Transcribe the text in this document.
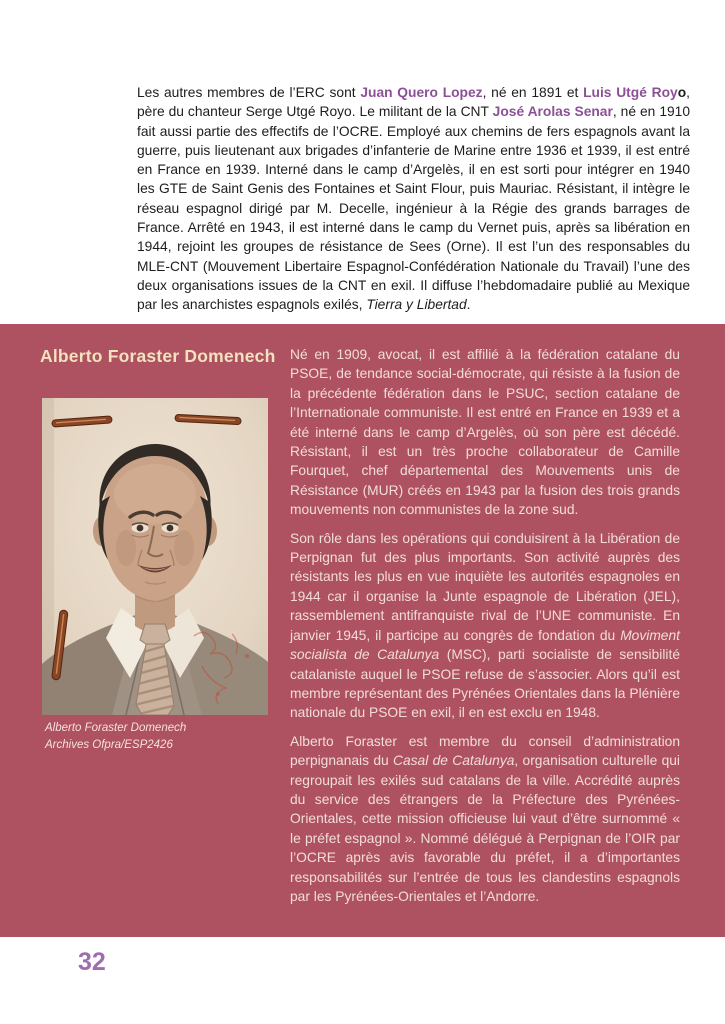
Les autres membres de l’ERC sont Juan Quero Lopez, né en 1891 et Luis Utgé Royo, père du chanteur Serge Utgé Royo. Le militant de la CNT José Arolas Senar, né en 1910 fait aussi partie des effectifs de l’OCRE. Employé aux chemins de fers espagnols avant la guerre, puis lieutenant aux brigades d’infanterie de Marine entre 1936 et 1939, il est entré en France en 1939. Interné dans le camp d’Argelès, il en est sorti pour intégrer en 1940 les GTE de Saint Genis des Fontaines et Saint Flour, puis Mauriac. Résistant, il intègre le réseau espagnol dirigé par M. Decelle, ingénieur à la Régie des grands barrages de France. Arrêté en 1943, il est interné dans le camp du Vernet puis, après sa libération en 1944, rejoint les groupes de résistance de Sees (Orne). Il est l’un des responsables du MLE-CNT (Mouvement Libertaire Espagnol-Confédération Nationale du Travail) l’une des deux organisations issues de la CNT en exil. Il diffuse l’hebdomadaire publié au Mexique par les anarchistes espagnols exilés, Tierra y Libertad.

Alberto Foraster Domenech
Alberto Foraster Domenech
Archives Ofpra/ESP2426

Né en 1909, avocat, il est affilié à la fédération catalane du PSOE, de tendance social-démocrate, qui résiste à la fusion de la précédente fédération dans le PSUC, section catalane de l’Internationale communiste. Il est entré en France en 1939 et a été interné dans le camp d’Argelès, où son père est décédé. Résistant, il est un très proche collaborateur de Camille Fourquet, chef départemental des Mouvements unis de Résistance (MUR) créés en 1943 par la fusion des trois grands mouvements non communistes de la zone sud.

Son rôle dans les opérations qui conduisirent à la Libération de Perpignan fut des plus importants. Son activité auprès des résistants les plus en vue inquiète les autorités espagnoles en 1944 car il organise la Junte espagnole de Libération (JEL), rassemblement antifranquiste rival de l’UNE communiste. En janvier 1945, il participe au congrès de fondation du Moviment socialista de Catalunya (MSC), parti socialiste de sensibilité catalaniste auquel le PSOE refuse de s’associer. Alors qu’il est membre représentant des Pyrénées Orientales dans la Plénière nationale du PSOE en exil, il en est exclu en 1948.

Alberto Foraster est membre du conseil d’administration perpignanais du Casal de Catalunya, organisation culturelle qui regroupait les exilés sud catalans de la ville. Accrédité auprès du service des étrangers de la Préfecture des Pyrénées-Orientales, cette mission officieuse lui vaut d’être surnommé « le préfet espagnol ». Nommé délégué à Perpignan de l’OIR par l’OCRE après avis favorable du préfet, il a d’importantes responsabilités sur l’entrée de tous les clandestins espagnols par les Pyrénées-Orientales et l’Andorre.

32
